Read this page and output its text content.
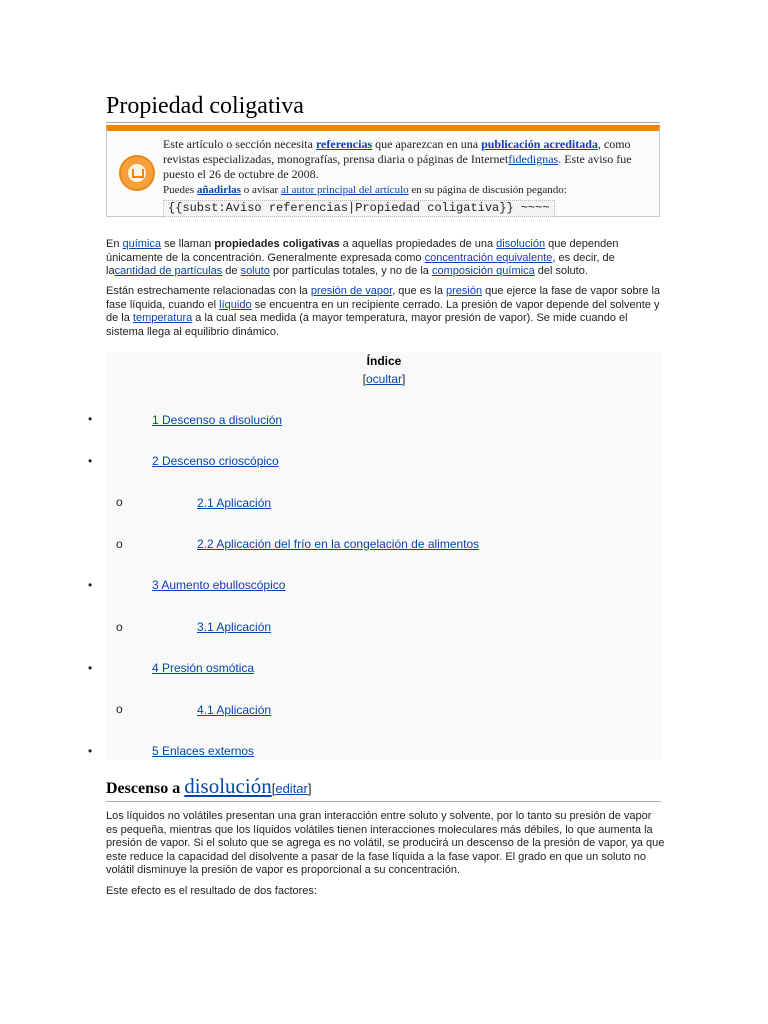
Propiedad coligativa
Este artículo o sección necesita referencias que aparezcan en una publicación acreditada, como revistas especializadas, monografías, prensa diaria o páginas de Internetfidedignas. Este aviso fue puesto el 26 de octubre de 2008.
Puedes añadirlas o avisar al autor principal del artículo en su página de discusión pegando:
{{subst:Aviso referencias|Propiedad coligativa}} ~~~~

En química se llaman propiedades coligativas a aquellas propiedades de una disolución que dependen únicamente de la concentración. Generalmente expresada como concentración equivalente, es decir, de lacantidad de partículas de soluto por partículas totales, y no de la composición química del soluto.

Están estrechamente relacionadas con la presión de vapor, que es la presión que ejerce la fase de vapor sobre la fase líquida, cuando el líquido se encuentra en un recipiente cerrado. La presión de vapor depende del solvente y de la temperatura a la cual sea medida (a mayor temperatura, mayor presión de vapor). Se mide cuando el sistema llega al equilibrio dinámico.

Índice
[ocultar]
•	1 Descenso a disolución
•	2 Descenso crioscópico
o	2.1 Aplicación
o	2.2 Aplicación del frío en la congelación de alimentos
•	3 Aumento ebulloscópico
o	3.1 Aplicación
•	4 Presión osmótica
o	4.1 Aplicación
•	5 Enlaces externos
Descenso a disolución[editar]

Los líquidos no volátiles presentan una gran interacción entre soluto y solvente, por lo tanto su presión de vapor es pequeña, mientras que los líquidos volátiles tienen interacciones moleculares más débiles, lo que aumenta la presión de vapor. Si el soluto que se agrega es no volátil, se producirá un descenso de la presión de vapor, ya que este reduce la capacidad del disolvente a pasar de la fase líquida a la fase vapor. El grado en que un soluto no volátil disminuye la presión de vapor es proporcional a su concentración.

Este efecto es el resultado de dos factores:
